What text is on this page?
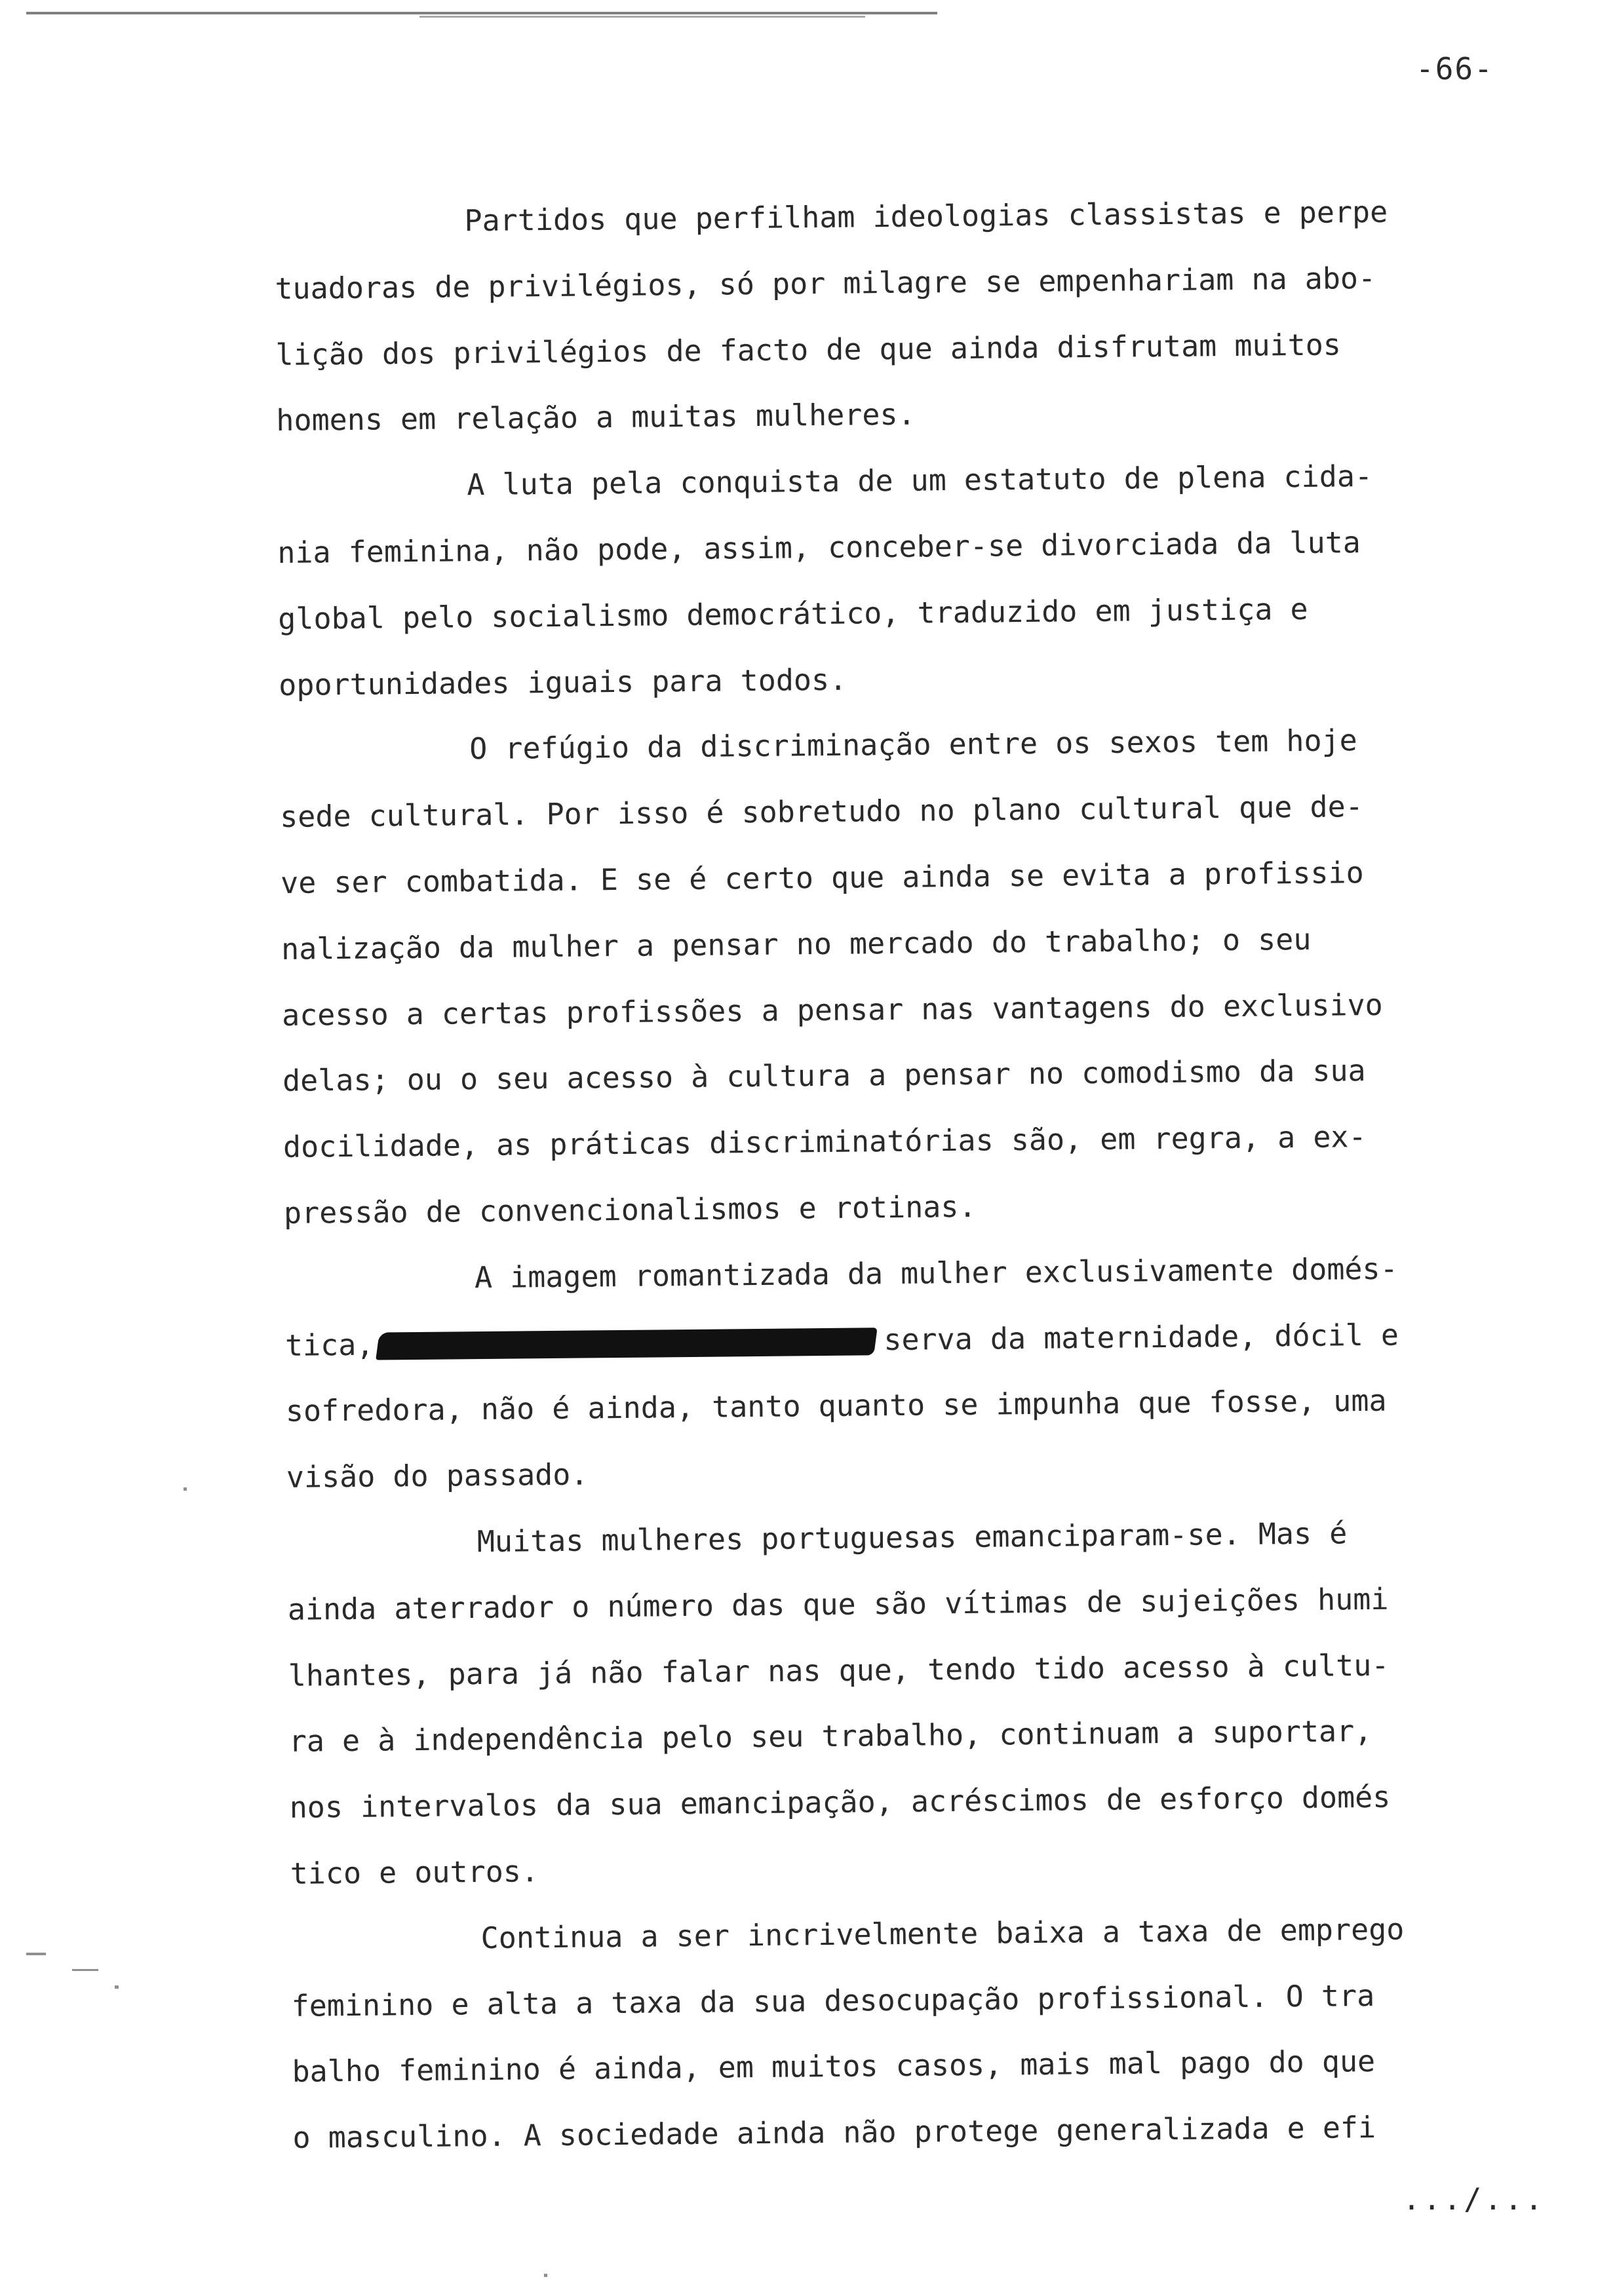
-66-

Partidos que perfilham ideologias classistas e perpe
tuadoras de privilégios, só por milagre se empenhariam na abo-
lição dos privilégios de facto de que ainda disfrutam muitos
homens em relação a muitas mulheres.

A luta pela conquista de um estatuto de plena cida-
nia feminina, não pode, assim, conceber-se divorciada da luta
global pelo socialismo democrático, traduzido em justiça e
oportunidades iguais para todos.

O refúgio da discriminação entre os sexos tem hoje
sede cultural. Por isso é sobretudo no plano cultural que de-
ve ser combatida. E se é certo que ainda se evita a profissio
nalização da mulher a pensar no mercado do trabalho; o seu
acesso a certas profissões a pensar nas vantagens do exclusivo
delas; ou o seu acesso à cultura a pensar no comodismo da sua
docilidade, as práticas discriminatórias são, em regra, a ex-
pressão de convencionalismos e rotinas.

A imagem romantizada da mulher exclusivamente domés-
tica,	serva da maternidade, dócil e
sofredora, não é ainda, tanto quanto se impunha que fosse, uma
visão do passado.

Muitas mulheres portuguesas emanciparam-se. Mas é
ainda aterrador o número das que são vítimas de sujeições humi
lhantes, para já não falar nas que, tendo tido acesso à cultu-
ra e à independência pelo seu trabalho, continuam a suportar,
nos intervalos da sua emancipação, acréscimos de esforço domés
tico e outros.

Continua a ser incrivelmente baixa a taxa de emprego
feminino e alta a taxa da sua desocupação profissional. O tra
balho feminino é ainda, em muitos casos, mais mal pago do que
o masculino. A sociedade ainda não protege generalizada e efi

.../...
